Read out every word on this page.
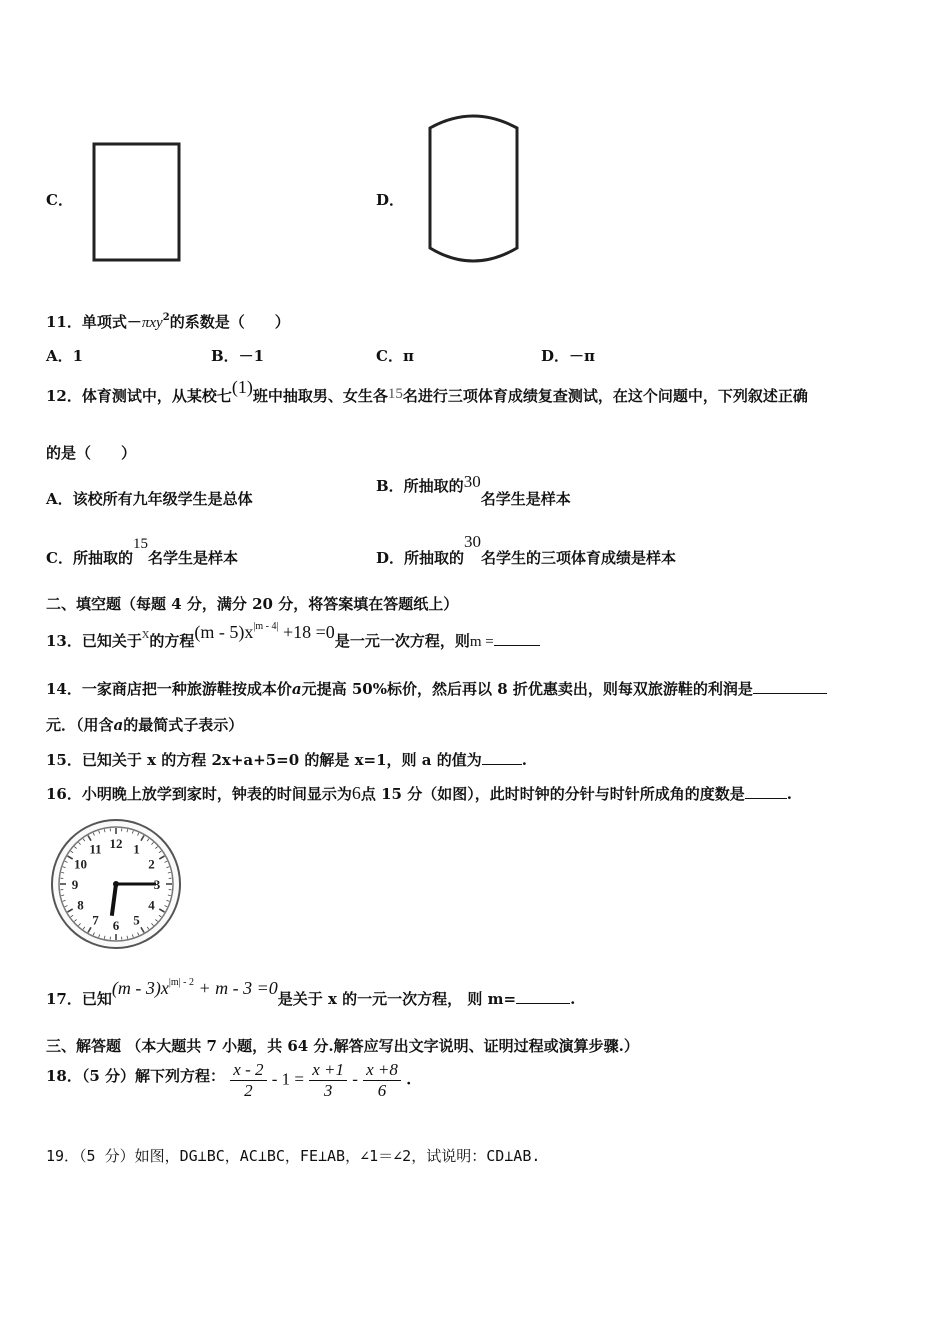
C．	D．
11．单项式－πxy$^2$的系数是（　　）
A．1	B．－1	C．π	D．－π
12．体育测试中，从某校七(1)班中抽取男、女生各15名进行三项体育成绩复查测试，在这个问题中，下列叙述正确
的是（　　）
A．该校所有九年级学生是总体
B．所抽取的30名学生是样本
C．所抽取的15名学生是样本	D．所抽取的30名学生的三项体育成绩是样本
二、填空题（每题 4 分，满分 20 分，将答案填在答题纸上）
13．已知关于x的方程$(m - 5)x^{|m - 4|} +18 =0$是一元一次方程，则m =
14．一家商店把一种旅游鞋按成本价a元提高 50%标价，然后再以 8 折优惠卖出，则每双旅游鞋的利润是
元．（用含a的最简式子表示）
15．已知关于 x 的方程 2x+a+5=0 的解是 x=1，则 a 的值为	.
16．小明晚上放学到家时，钟表的时间显示为6点 15 分（如图），此时时钟的分针与时针所成角的度数是	.
12 1
2
3
4
5
6
7
8
9
10
11
17．已知$(m - 3)x^{|m| - 2} + m - 3 =0$是关于 x 的一元一次方程， 则 m=	.
三、解答题 （本大题共 7 小题，共 64 分.解答应写出文字说明、证明过程或演算步骤.）
18．（5 分）解下列方程： $\frac{x - 2}{2} - 1 = \frac{x +1}{3} - \frac{x +8}{6}$ .
19．（5 分）如图，DG⊥BC，AC⊥BC，FE⊥AB，∠1＝∠2，试说明：CD⊥AB.
